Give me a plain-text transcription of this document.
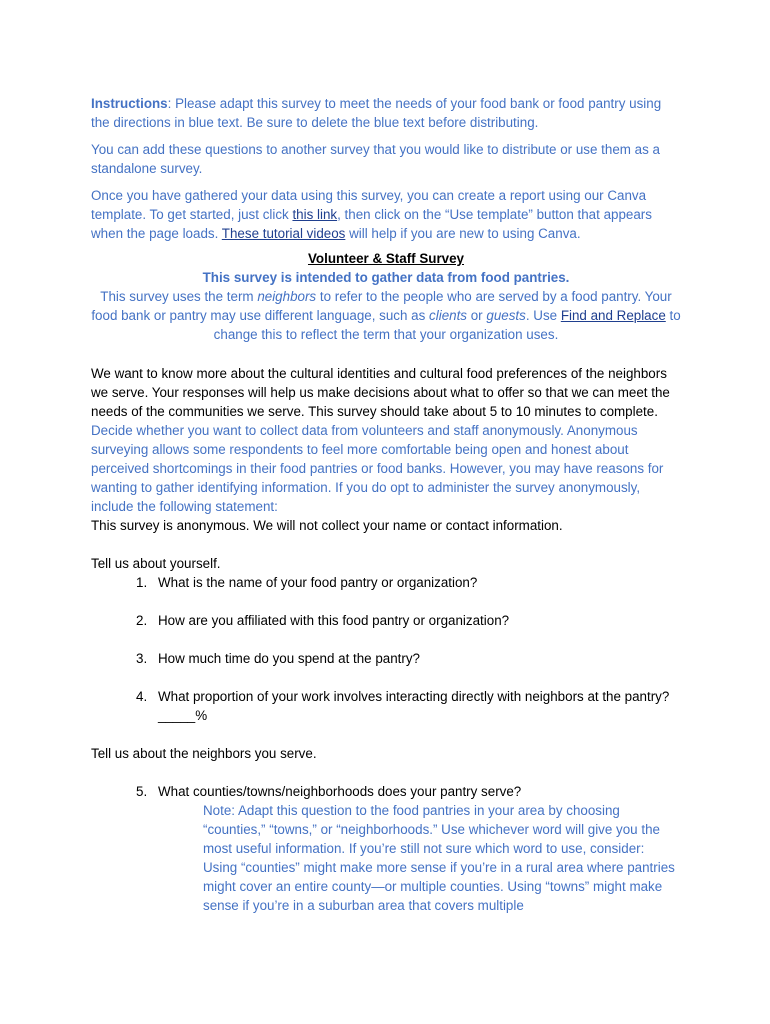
Instructions: Please adapt this survey to meet the needs of your food bank or food pantry using the directions in blue text. Be sure to delete the blue text before distributing.

You can add these questions to another survey that you would like to distribute or use them as a standalone survey.

Once you have gathered your data using this survey, you can create a report using our Canva template. To get started, just click this link, then click on the “Use template” button that appears when the page loads. These tutorial videos will help if you are new to using Canva.

Volunteer & Staff Survey

This survey is intended to gather data from food pantries.

This survey uses the term neighbors to refer to the people who are served by a food pantry. Your food bank or pantry may use different language, such as clients or guests. Use Find and Replace to change this to reflect the term that your organization uses.

We want to know more about the cultural identities and cultural food preferences of the neighbors we serve. Your responses will help us make decisions about what to offer so that we can meet the needs of the communities we serve. This survey should take about 5 to 10 minutes to complete.

Decide whether you want to collect data from volunteers and staff anonymously. Anonymous surveying allows some respondents to feel more comfortable being open and honest about perceived shortcomings in their food pantries or food banks. However, you may have reasons for wanting to gather identifying information. If you do opt to administer the survey anonymously, include the following statement:

This survey is anonymous. We will not collect your name or contact information.

Tell us about yourself.

1. What is the name of your food pantry or organization?
2. How are you affiliated with this food pantry or organization?
3. How much time do you spend at the pantry?
4. What proportion of your work involves interacting directly with neighbors at the pantry? _____%

Tell us about the neighbors you serve.

5. What counties/towns/neighborhoods does your pantry serve?

Note: Adapt this question to the food pantries in your area by choosing “counties,” “towns,” or “neighborhoods.” Use whichever word will give you the most useful information. If you’re still not sure which word to use, consider: Using “counties” might make more sense if you’re in a rural area where pantries might cover an entire county—or multiple counties. Using “towns” might make sense if you’re in a suburban area that covers multiple
